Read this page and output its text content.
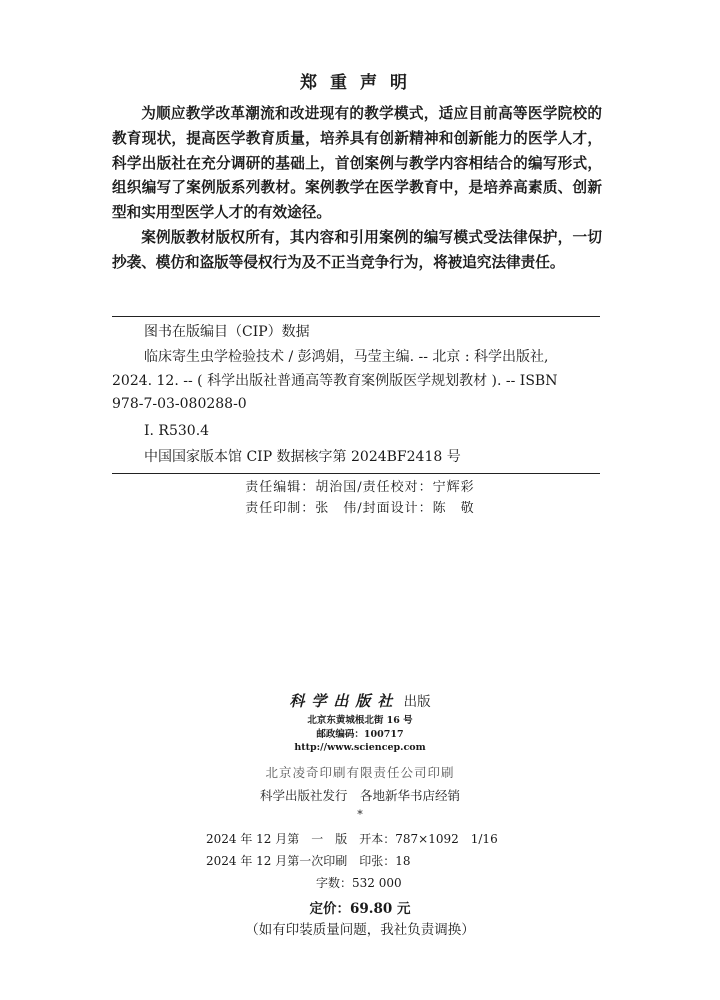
郑重声明

为顺应教学改革潮流和改进现有的教学模式，适应目前高等医学院校的教育现状，提高医学教育质量，培养具有创新精神和创新能力的医学人才，科学出版社在充分调研的基础上，首创案例与教学内容相结合的编写形式，组织编写了案例版系列教材。案例教学在医学教育中，是培养高素质、创新型和实用型医学人才的有效途径。

案例版教材版权所有，其内容和引用案例的编写模式受法律保护，一切抄袭、模仿和盗版等侵权行为及不正当竞争行为，将被追究法律责任。

图书在版编目（CIP）数据
临床寄生虫学检验技术 / 彭鸿娟，马莹主编. -- 北京 : 科学出版社,
2024. 12. -- ( 科学出版社普通高等教育案例版医学规划教材 ). -- ISBN
978-7-03-080288-0
Ⅰ. R530.4
中国国家版本馆 CIP 数据核字第 2024BF2418 号
责任编辑：胡治国/责任校对：宁辉彩
责任印制：张　伟/封面设计：陈　敬
科学出版社 出版
北京东黄城根北街 16 号
邮政编码：100717
http://www.sciencep.com
北京凌奇印刷有限责任公司印刷
科学出版社发行　各地新华书店经销
*
2024 年 12 月第　一　版　开本：787×1092　1/16
2024 年 12 月第一次印刷　印张：18
字数：532 000
定价：69.80 元
（如有印装质量问题，我社负责调换）
